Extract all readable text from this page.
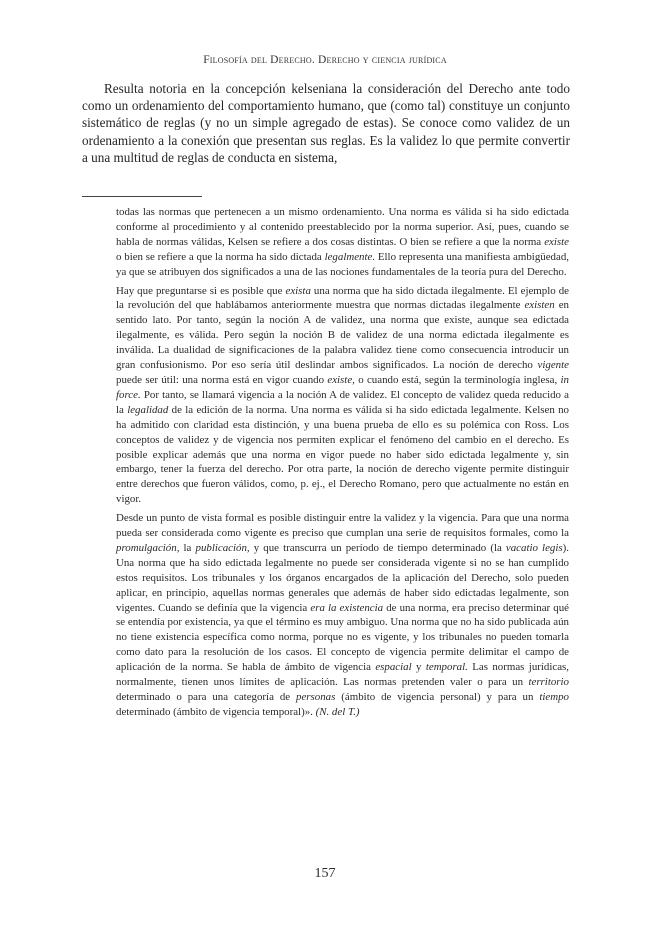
Filosofía del Derecho. Derecho y ciencia jurídica

Resulta notoria en la concepción kelseniana la consideración del Derecho ante todo como un ordenamiento del comportamiento humano, que (como tal) constituye un conjunto sistemático de reglas (y no un simple agregado de estas). Se conoce como validez de un ordenamiento a la conexión que presentan sus reglas. Es la validez lo que permite convertir a una multitud de reglas de conducta en sistema,

todas las normas que pertenecen a un mismo ordenamiento. Una norma es válida si ha sido edictada conforme al procedimiento y al contenido preestablecido por la norma superior. Así, pues, cuando se habla de normas válidas, Kelsen se refiere a dos cosas distintas. O bien se refiere a que la norma existe o bien se refiere a que la norma ha sido dictada legalmente. Ello representa una manifiesta ambigüedad, ya que se atribuyen dos significados a una de las nociones fundamentales de la teoría pura del Derecho.

Hay que preguntarse si es posible que exista una norma que ha sido dictada ilegalmente. El ejemplo de la revolución del que hablábamos anteriormente muestra que normas dictadas ilegalmente existen en sentido lato. Por tanto, según la noción A de validez, una norma que existe, aunque sea edictada ilegalmente, es válida. Pero según la noción B de validez de una norma edictada ilegalmente es inválida. La dualidad de significaciones de la palabra validez tiene como consecuencia introducir un gran confusionismo. Por eso sería útil deslindar ambos significados. La noción de derecho vigente puede ser útil: una norma está en vigor cuando existe, o cuando está, según la terminología inglesa, in force. Por tanto, se llamará vigencia a la noción A de validez. El concepto de validez queda reducido a la legalidad de la edición de la norma. Una norma es válida si ha sido edictada legalmente. Kelsen no ha admitido con claridad esta distinción, y una buena prueba de ello es su polémica con Ross. Los conceptos de validez y de vigencia nos permiten explicar el fenómeno del cambio en el derecho. Es posible explicar además que una norma en vigor puede no haber sido edictada legalmente y, sin embargo, tener la fuerza del derecho. Por otra parte, la noción de derecho vigente permite distinguir entre derechos que fueron válidos, como, p. ej., el Derecho Romano, pero que actualmente no están en vigor.

Desde un punto de vista formal es posible distinguir entre la validez y la vigencia. Para que una norma pueda ser considerada como vigente es preciso que cumplan una serie de requisitos formales, como la promulgación, la publicación, y que transcurra un período de tiempo determinado (la vacatio legis). Una norma que ha sido edictada legalmente no puede ser considerada vigente si no se han cumplido estos requisitos. Los tribunales y los órganos encargados de la aplicación del Derecho, solo pueden aplicar, en principio, aquellas normas generales que además de haber sido edictadas legalmente, son vigentes. Cuando se definía que la vigencia era la existencia de una norma, era preciso determinar qué se entendía por existencia, ya que el término es muy ambiguo. Una norma que no ha sido publicada aún no tiene existencia específica como norma, porque no es vigente, y los tribunales no pueden tomarla como dato para la resolución de los casos. El concepto de vigencia permite delimitar el campo de aplicación de la norma. Se habla de ámbito de vigencia espacial y temporal. Las normas jurídicas, normalmente, tienen unos límites de aplicación. Las normas pretenden valer o para un territorio determinado o para una categoría de personas (ámbito de vigencia personal) y para un tiempo determinado (ámbito de vigencia temporal)». (N. del T.)

157
